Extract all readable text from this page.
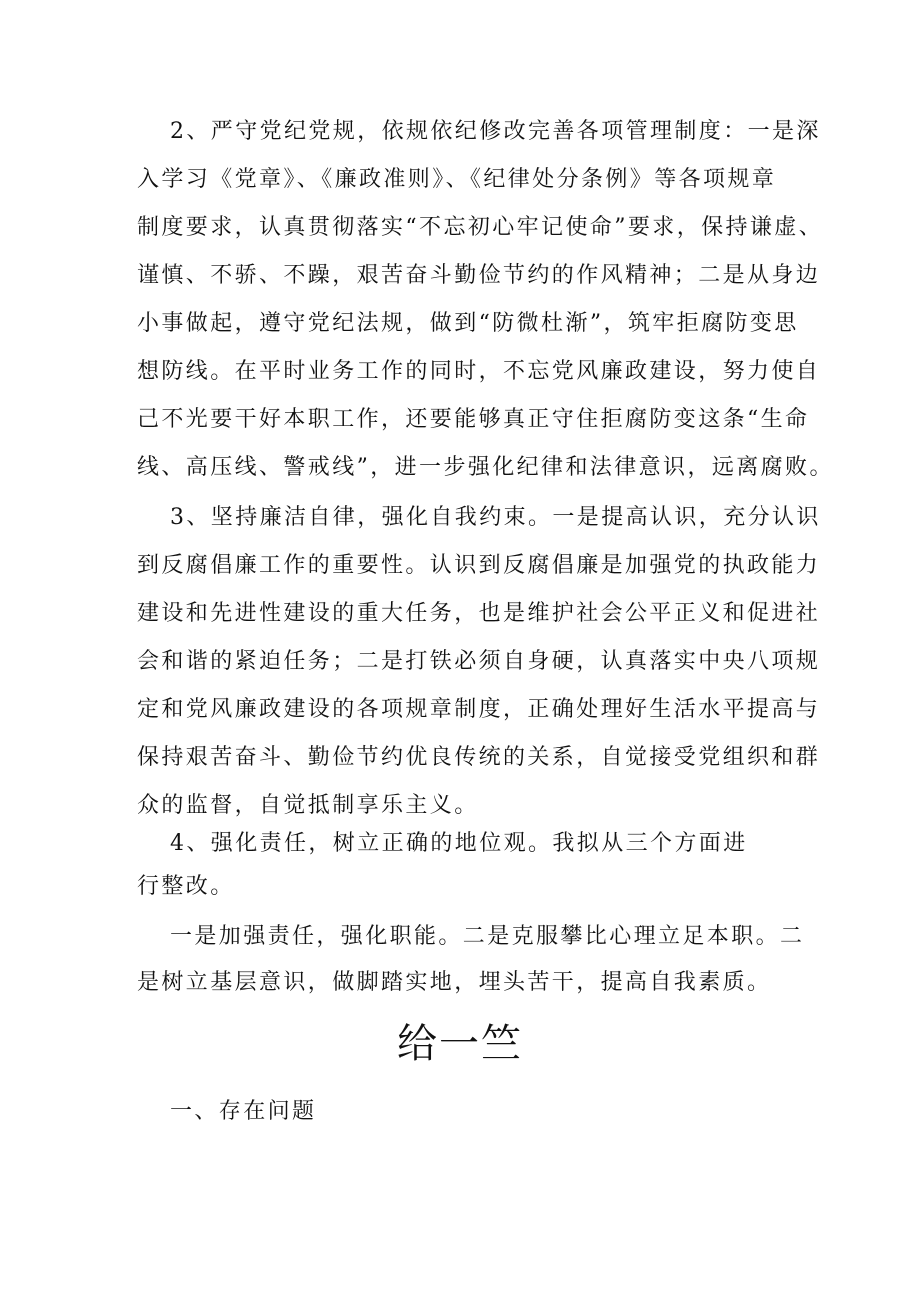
2、严守党纪党规，依规依纪修改完善各项管理制度：一是深
入学习《党章》、《廉政准则》、《纪律处分条例》等各项规章
制度要求，认真贯彻落实“不忘初心牢记使命”要求，保持谦虚、
谨慎、不骄、不躁，艰苦奋斗勤俭节约的作风精神；二是从身边
小事做起，遵守党纪法规，做到“防微杜渐”，筑牢拒腐防变思
想防线。在平时业务工作的同时，不忘党风廉政建设，努力使自
己不光要干好本职工作，还要能够真正守住拒腐防变这条“生命
线、高压线、警戒线”，进一步强化纪律和法律意识，远离腐败。
3、坚持廉洁自律，强化自我约束。一是提高认识，充分认识
到反腐倡廉工作的重要性。认识到反腐倡廉是加强党的执政能力
建设和先进性建设的重大任务，也是维护社会公平正义和促进社
会和谐的紧迫任务；二是打铁必须自身硬，认真落实中央八项规
定和党风廉政建设的各项规章制度，正确处理好生活水平提高与
保持艰苦奋斗、勤俭节约优良传统的关系，自觉接受党组织和群
众的监督，自觉抵制享乐主义。
4、强化责任，树立正确的地位观。我拟从三个方面进
行整改。
一是加强责任，强化职能。二是克服攀比心理立足本职。二
是树立基层意识，做脚踏实地，埋头苦干，提高自我素质。
给一竺
一、存在问题
